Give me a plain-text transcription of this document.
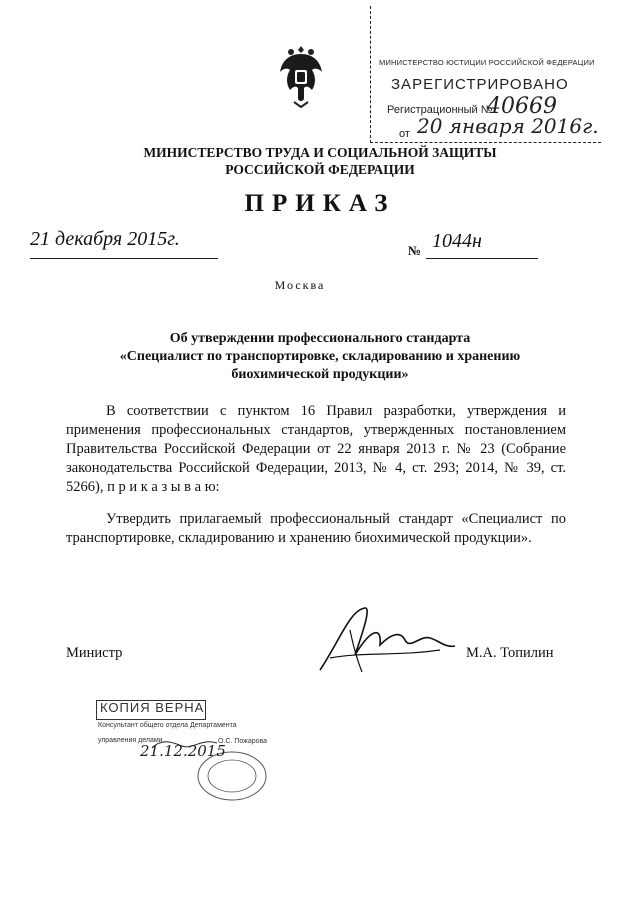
МИНИСТЕРСТВО ЮСТИЦИИ РОССИЙСКОЙ ФЕДЕРАЦИИ
ЗАРЕГИСТРИРОВАНО
Регистрационный №
40669
от 20 января 2016г.
МИНИСТЕРСТВО ТРУДА И СОЦИАЛЬНОЙ ЗАЩИТЫ
РОССИЙСКОЙ ФЕДЕРАЦИИ
ПРИКАЗ
21 декабря 2015г.
№ 1044н
Москва
Об утверждении профессионального стандарта
«Специалист по транспортировке, складированию и хранению
биохимической продукции»
В соответствии с пунктом 16 Правил разработки, утверждения и применения профессиональных стандартов, утвержденных постановлением Правительства Российской Федерации от 22 января 2013 г. № 23 (Собрание законодательства Российской Федерации, 2013, № 4, ст. 293; 2014, № 39, ст. 5266), п р и к а з ы в а ю:
Утвердить прилагаемый профессиональный стандарт «Специалист по транспортировке, складированию и хранению биохимической продукции».
Министр	М.А. Топилин
КОПИЯ ВЕРНА
Консультант общего отдела Департамента
управления делами	О.С. Пожарова
21.12.2015
